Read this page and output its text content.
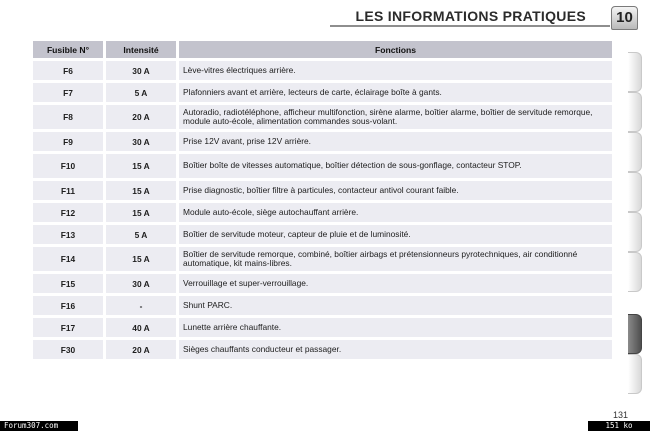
LES INFORMATIONS PRATIQUES	10
Fusible N°	Intensité	Fonctions
F6	30 A	Lève-vitres électriques arrière.
F7	5 A	Plafonniers avant et arrière, lecteurs de carte, éclairage boîte à gants.
F8	20 A	Autoradio, radiotéléphone, afficheur multifonction, sirène alarme, boîtier alarme, boîtier de servitude remorque, module auto-école, alimentation commandes sous-volant.
F9	30 A	Prise 12V avant, prise 12V arrière.
F10	15 A	Boîtier boîte de vitesses automatique, boîtier détection de sous-gonflage, contacteur STOP.
F11	15 A	Prise diagnostic, boîtier filtre à particules, contacteur antivol courant faible.
F12	15 A	Module auto-école, siège autochauffant arrière.
F13	5 A	Boîtier de servitude moteur, capteur de pluie et de luminosité.
F14	15 A	Boîtier de servitude remorque, combiné, boîtier airbags et prétensionneurs pyrotechniques, air conditionné automatique, kit mains-libres.
F15	30 A	Verrouillage et super-verrouillage.
F16	-	Shunt PARC.
F17	40 A	Lunette arrière chauffante.
F30	20 A	Sièges chauffants conducteur et passager.
131
Forum307.com	151 ko
